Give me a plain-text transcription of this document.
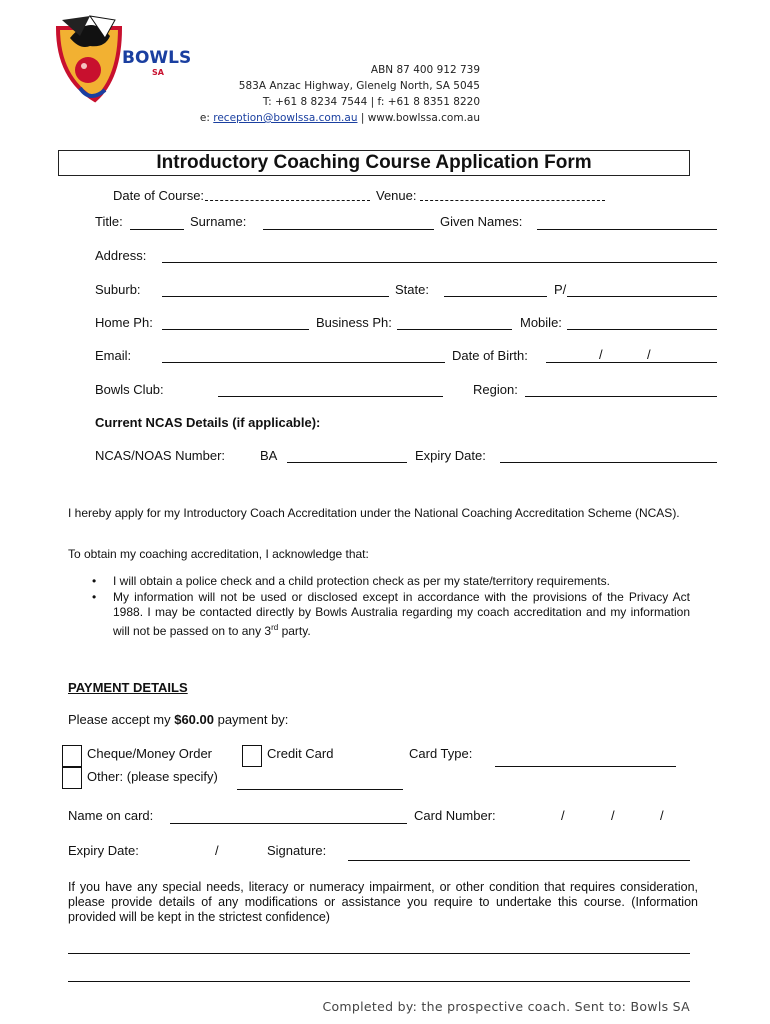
BOWLS
SA	ABN 87 400 912 739
583A Anzac Highway, Glenelg North, SA 5045
T: +61 8 8234 7544 | f: +61 8 8351 8220
e: reception@bowlssa.com.au | www.bowlssa.com.au
Introductory Coaching Course Application Form
Date of Course:	Venue:
Title:	Surname:	Given Names:
Address:
Suburb:	State:	P/
Home Ph:	Business Ph:	Mobile:
Email:	Date of Birth:	/	/
Bowls Club:	Region:
Current NCAS Details (if applicable):
NCAS/NOAS Number:	BA	Expiry Date:
I hereby apply for my Introductory Coach Accreditation under the National Coaching Accreditation Scheme (NCAS).
To obtain my coaching accreditation, I acknowledge that:
• I will obtain a police check and a child protection check as per my state/territory requirements.
• My information will not be used or disclosed except in accordance with the provisions of the Privacy Act 1988. I may be contacted directly by Bowls Australia regarding my coach accreditation and my information will not be passed on to any 3rd party.
PAYMENT DETAILS
Please accept my $60.00 payment by:
Cheque/Money Order	Credit Card	Card Type:
Other: (please specify)
Name on card:	Card Number:	/	/	/
Expiry Date:	/	Signature:
If you have any special needs, literacy or numeracy impairment, or other condition that requires consideration, please provide details of any modifications or assistance you require to undertake this course. (Information provided will be kept in the strictest confidence)
Completed by: the prospective coach. Sent to: Bowls SA
